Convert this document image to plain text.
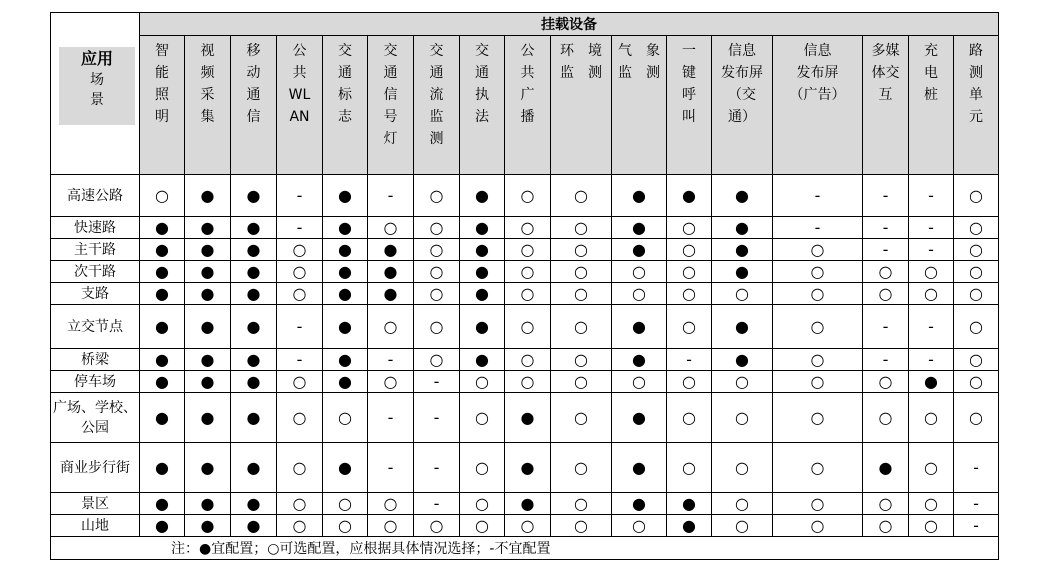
应用
场
景	挂载设备																
	智
能
照
明	视
频
采
集	移
动
通
信	公
共
WL
AN	交
通
标
志	交
通
信
号
灯	交
通
流
监
测	交
通
执
法	公
共
广
播	环　境
监　测	气　象
监　测	一
键
呼
叫	信息
发布屏
（交
通）	信息
发布屏
（广告）	多媒
体交
互	充
电
桩	路
测
单
元
高速公路	○	●	●	-	●	-	○	●	○	○	●	●	●	-	-	-	○
快速路	●	●	●	-	●	○	○	●	○	○	●	○	●	-	-	-	○
主干路	●	●	●	○	●	●	○	●	○	○	●	○	●	○	-	-	○
次干路	●	●	●	○	●	●	○	●	○	○	○	○	●	○	○	○	○
支路	●	●	●	○	●	●	○	●	○	○	○	○	○	○	○	○	○
立交节点	●	●	●	-	●	○	○	●	○	○	●	○	●	○	-	-	○
桥梁	●	●	●	-	●	-	○	●	○	○	●	-	●	○	-	-	○
停车场	●	●	●	○	●	○	-	○	○	○	○	○	○	○	○	●	○
广场、学校、公园	●	●	●	○	○	-	-	○	●	○	●	○	○	○	○	○	○
商业步行街	●	●	●	○	●	-	-	○	●	○	●	○	○	○	●	○	-
景区	●	●	●	○	○	○	-	○	●	○	●	●	○	○	○	○	-
山地	●	●	●	○	○	○	○	○	○	○	○	●	○	○	○	○	-
注：●宜配置；○可选配置，应根据具体情况选择；-不宜配置																	
